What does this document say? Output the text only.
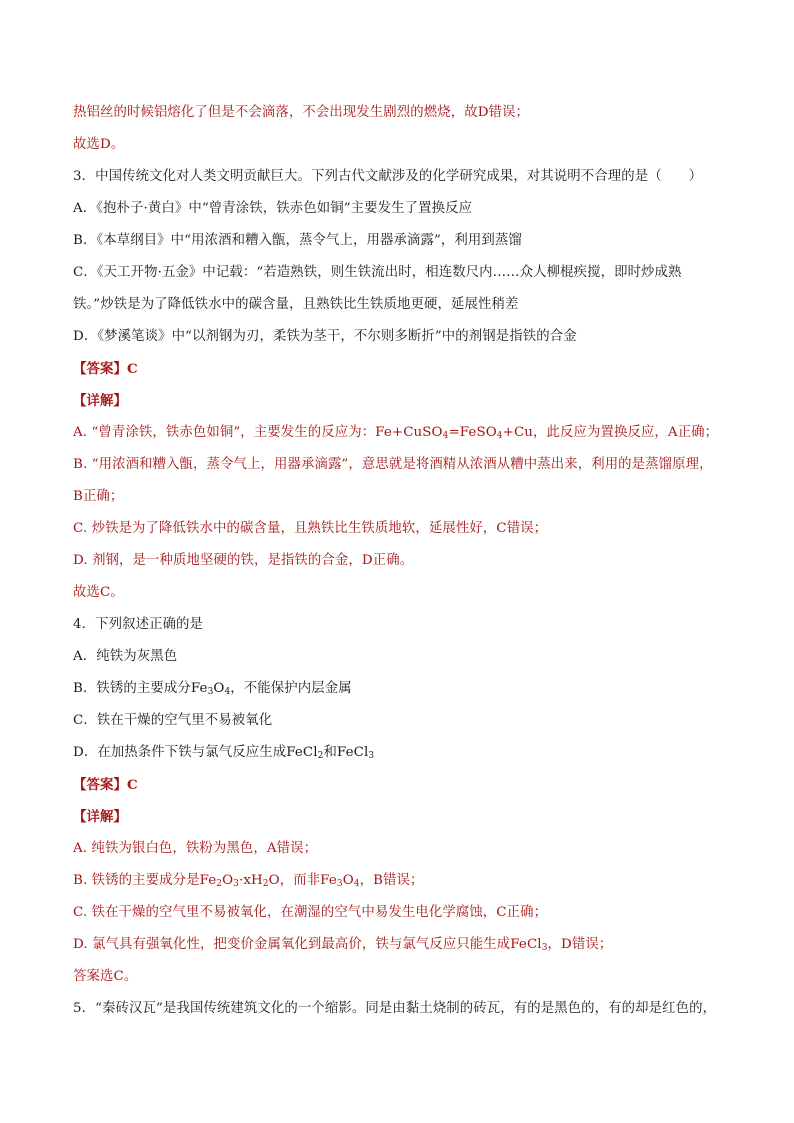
热铝丝的时候铝熔化了但是不会滴落，不会出现发生剧烈的燃烧，故D错误；
故选D。
3．中国传统文化对人类文明贡献巨大。下列古代文献涉及的化学研究成果，对其说明不合理的是（　　）
A．《抱朴子·黄白》中“曾青涂铁，铁赤色如铜”主要发生了置换反应
B．《本草纲目》中“用浓酒和糟入甑，蒸令气上，用器承滴露”，利用到蒸馏
C．《天工开物·五金》中记载：“若造熟铁，则生铁流出时，相连数尺内……众人柳棍疾搅，即时炒成熟
铁。”炒铁是为了降低铁水中的碳含量，且熟铁比生铁质地更硬，延展性稍差
D．《梦溪笔谈》中“以剂钢为刃，柔铁为茎干，不尔则多断折”中的剂钢是指铁的合金
【答案】C
【详解】
A. “曾青涂铁，铁赤色如铜”，主要发生的反应为：Fe+CuSO$_4$=FeSO$_4$+Cu，此反应为置换反应，A正确；
B. “用浓酒和糟入甑，蒸令气上，用器承滴露”，意思就是将酒精从浓酒从糟中蒸出来，利用的是蒸馏原理，
B正确；
C. 炒铁是为了降低铁水中的碳含量，且熟铁比生铁质地软，延展性好，C错误；
D. 剂钢，是一种质地坚硬的铁，是指铁的合金，D正确。
故选C。
4．下列叙述正确的是
A．纯铁为灰黑色
B．铁锈的主要成分$Fe_3O_4$，不能保护内层金属
C．铁在干燥的空气里不易被氧化
D．在加热条件下铁与氯气反应生成FeCl$_2$和FeCl$_3$
【答案】C
【详解】
A. 纯铁为银白色，铁粉为黑色，A错误；
B. 铁锈的主要成分是$Fe_2O_3\cdot xH_2O$，而非$Fe_3O_4$，B错误；
C. 铁在干燥的空气里不易被氧化，在潮湿的空气中易发生电化学腐蚀，C正确；
D. 氯气具有强氧化性，把变价金属氧化到最高价，铁与氯气反应只能生成FeCl$_3$，D错误；
答案选C。
5．“秦砖汉瓦”是我国传统建筑文化的一个缩影。同是由黏土烧制的砖瓦，有的是黑色的，有的却是红色的，
